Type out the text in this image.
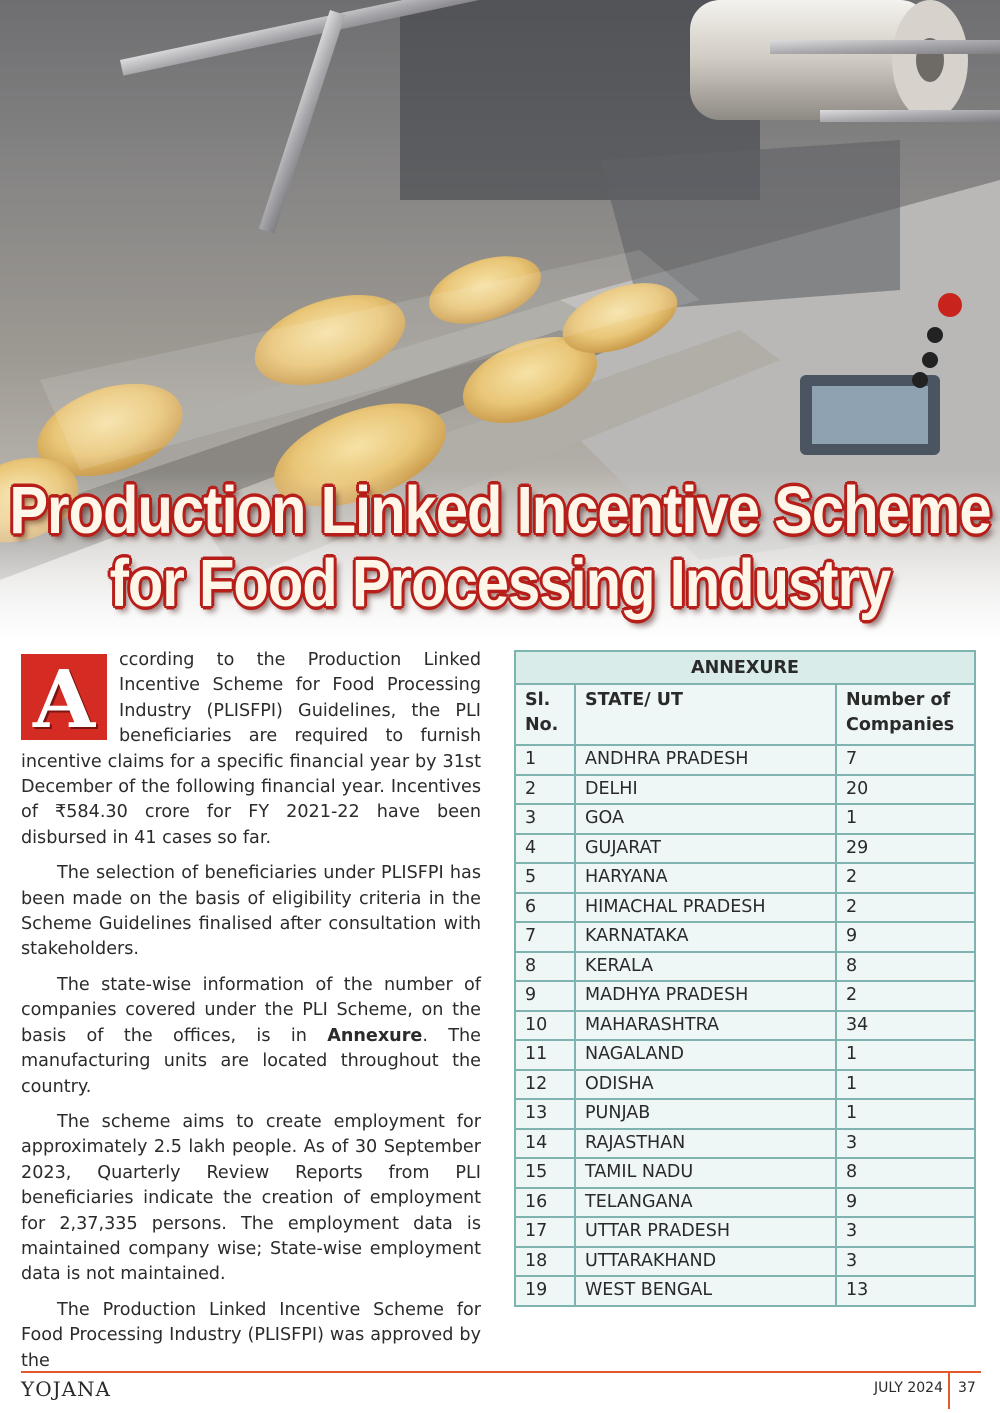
Production Linked Incentive Scheme
for Food Processing Industry

A	ccording to the Production Linked Incentive Scheme for Food Processing Industry (PLISFPI) Guidelines, the PLI beneficiaries are required to furnish incentive claims for a specific financial year by 31st December of the following financial year. Incentives of ₹584.30 crore for FY 2021-22 have been disbursed in 41 cases so far.

The selection of beneficiaries under PLISFPI has been made on the basis of eligibility criteria in the Scheme Guidelines finalised after consultation with stakeholders.

The state-wise information of the number of companies covered under the PLI Scheme, on the basis of the offices, is in Annexure. The manufacturing units are located throughout the country.

The scheme aims to create employment for approximately 2.5 lakh people. As of 30 September 2023, Quarterly Review Reports from PLI beneficiaries indicate the creation of employment for 2,37,335 persons. The employment data is maintained company wise; State-wise employment data is not maintained.

The Production Linked Incentive Scheme for Food Processing Industry (PLISFPI) was approved by the

ANNEXURE		
Sl. No.	STATE/ UT	Number of Companies
1	ANDHRA PRADESH	7
2	DELHI	20
3	GOA	1
4	GUJARAT	29
5	HARYANA	2
6	HIMACHAL PRADESH	2
7	KARNATAKA	9
8	KERALA	8
9	MADHYA PRADESH	2
10	MAHARASHTRA	34
11	NAGALAND	1
12	ODISHA	1
13	PUNJAB	1
14	RAJASTHAN	3
15	TAMIL NADU	8
16	TELANGANA	9
17	UTTAR PRADESH	3
18	UTTARAKHAND	3
19	WEST BENGAL	13
YOJANA	JULY 2024 37
